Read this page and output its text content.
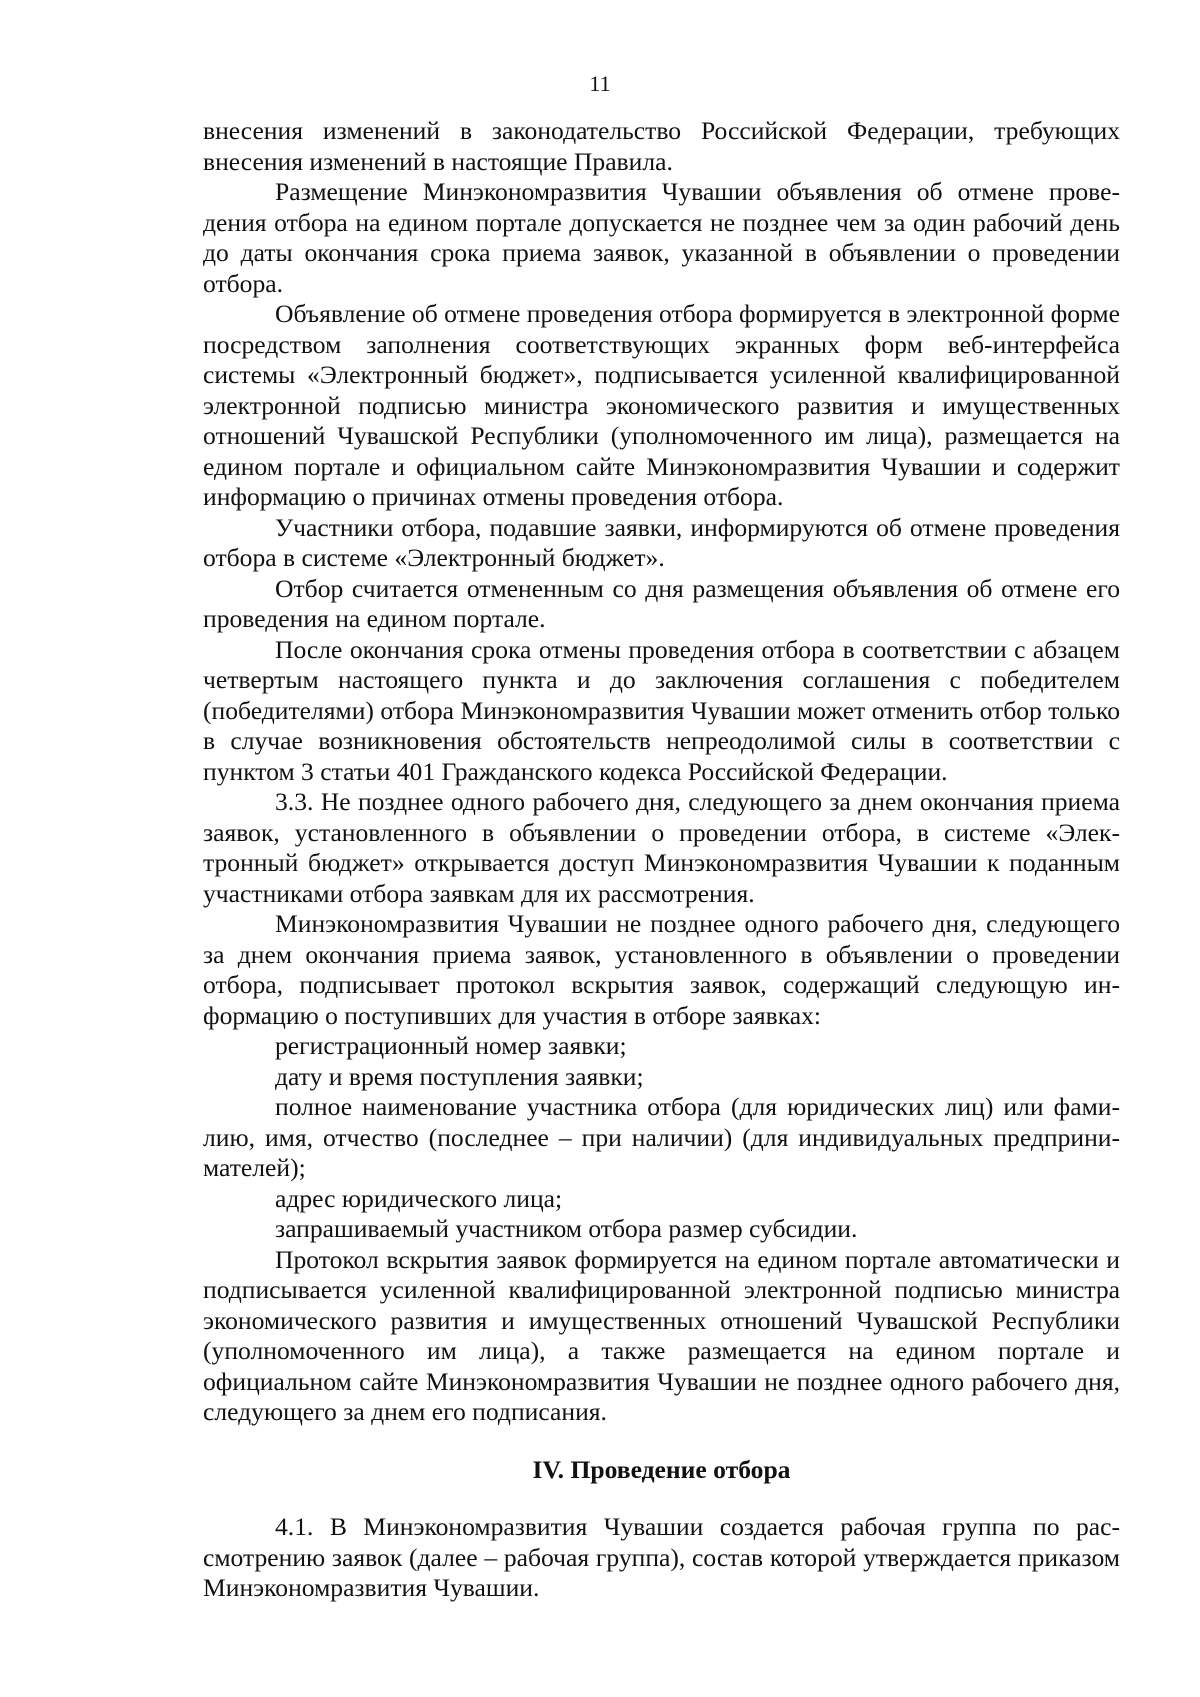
11

внесения изменений в законодательство Российской Федерации, требующих внесения изменений в настоящие Правила.

Размещение Минэкономразвития Чувашии объявления об отмене проведения отбора на едином портале допускается не позднее чем за один рабочий день до даты окончания срока приема заявок, указанной в объявлении о проведении отбора.

Объявление об отмене проведения отбора формируется в электронной форме посредством заполнения соответствующих экранных форм веб-интерфейса системы «Электронный бюджет», подписывается усиленной квалифицированной электронной подписью министра экономического развития и имущественных отношений Чувашской Республики (уполномоченного им лица), размещается на едином портале и официальном сайте Минэкономразвития Чувашии и содержит информацию о причинах отмены проведения отбора.

Участники отбора, подавшие заявки, информируются об отмене проведения отбора в системе «Электронный бюджет».

Отбор считается отмененным со дня размещения объявления об отмене его проведения на едином портале.

После окончания срока отмены проведения отбора в соответствии с абзацем четвертым настоящего пункта и до заключения соглашения с победителем (победителями) отбора Минэкономразвития Чувашии может отменить отбор только в случае возникновения обстоятельств непреодолимой силы в соответствии с пунктом 3 статьи 401 Гражданского кодекса Российской Федерации.

3.3. Не позднее одного рабочего дня, следующего за днем окончания приема заявок, установленного в объявлении о проведении отбора, в системе «Электронный бюджет» открывается доступ Минэкономразвития Чувашии к поданным участниками отбора заявкам для их рассмотрения.

Минэкономразвития Чувашии не позднее одного рабочего дня, следующего за днем окончания приема заявок, установленного в объявлении о проведении отбора, подписывает протокол вскрытия заявок, содержащий следующую информацию о поступивших для участия в отборе заявках:

регистрационный номер заявки;

дату и время поступления заявки;

полное наименование участника отбора (для юридических лиц) или фамилию, имя, отчество (последнее – при наличии) (для индивидуальных предпринимателей);

адрес юридического лица;

запрашиваемый участником отбора размер субсидии.

Протокол вскрытия заявок формируется на едином портале автоматически и подписывается усиленной квалифицированной электронной подписью министра экономического развития и имущественных отношений Чувашской Республики (уполномоченного им лица), а также размещается на едином портале и официальном сайте Минэкономразвития Чувашии не позднее одного рабочего дня, следующего за днем его подписания.

IV. Проведение отбора

4.1. В Минэкономразвития Чувашии создается рабочая группа по рассмотрению заявок (далее – рабочая группа), состав которой утверждается приказом Минэкономразвития Чувашии.
